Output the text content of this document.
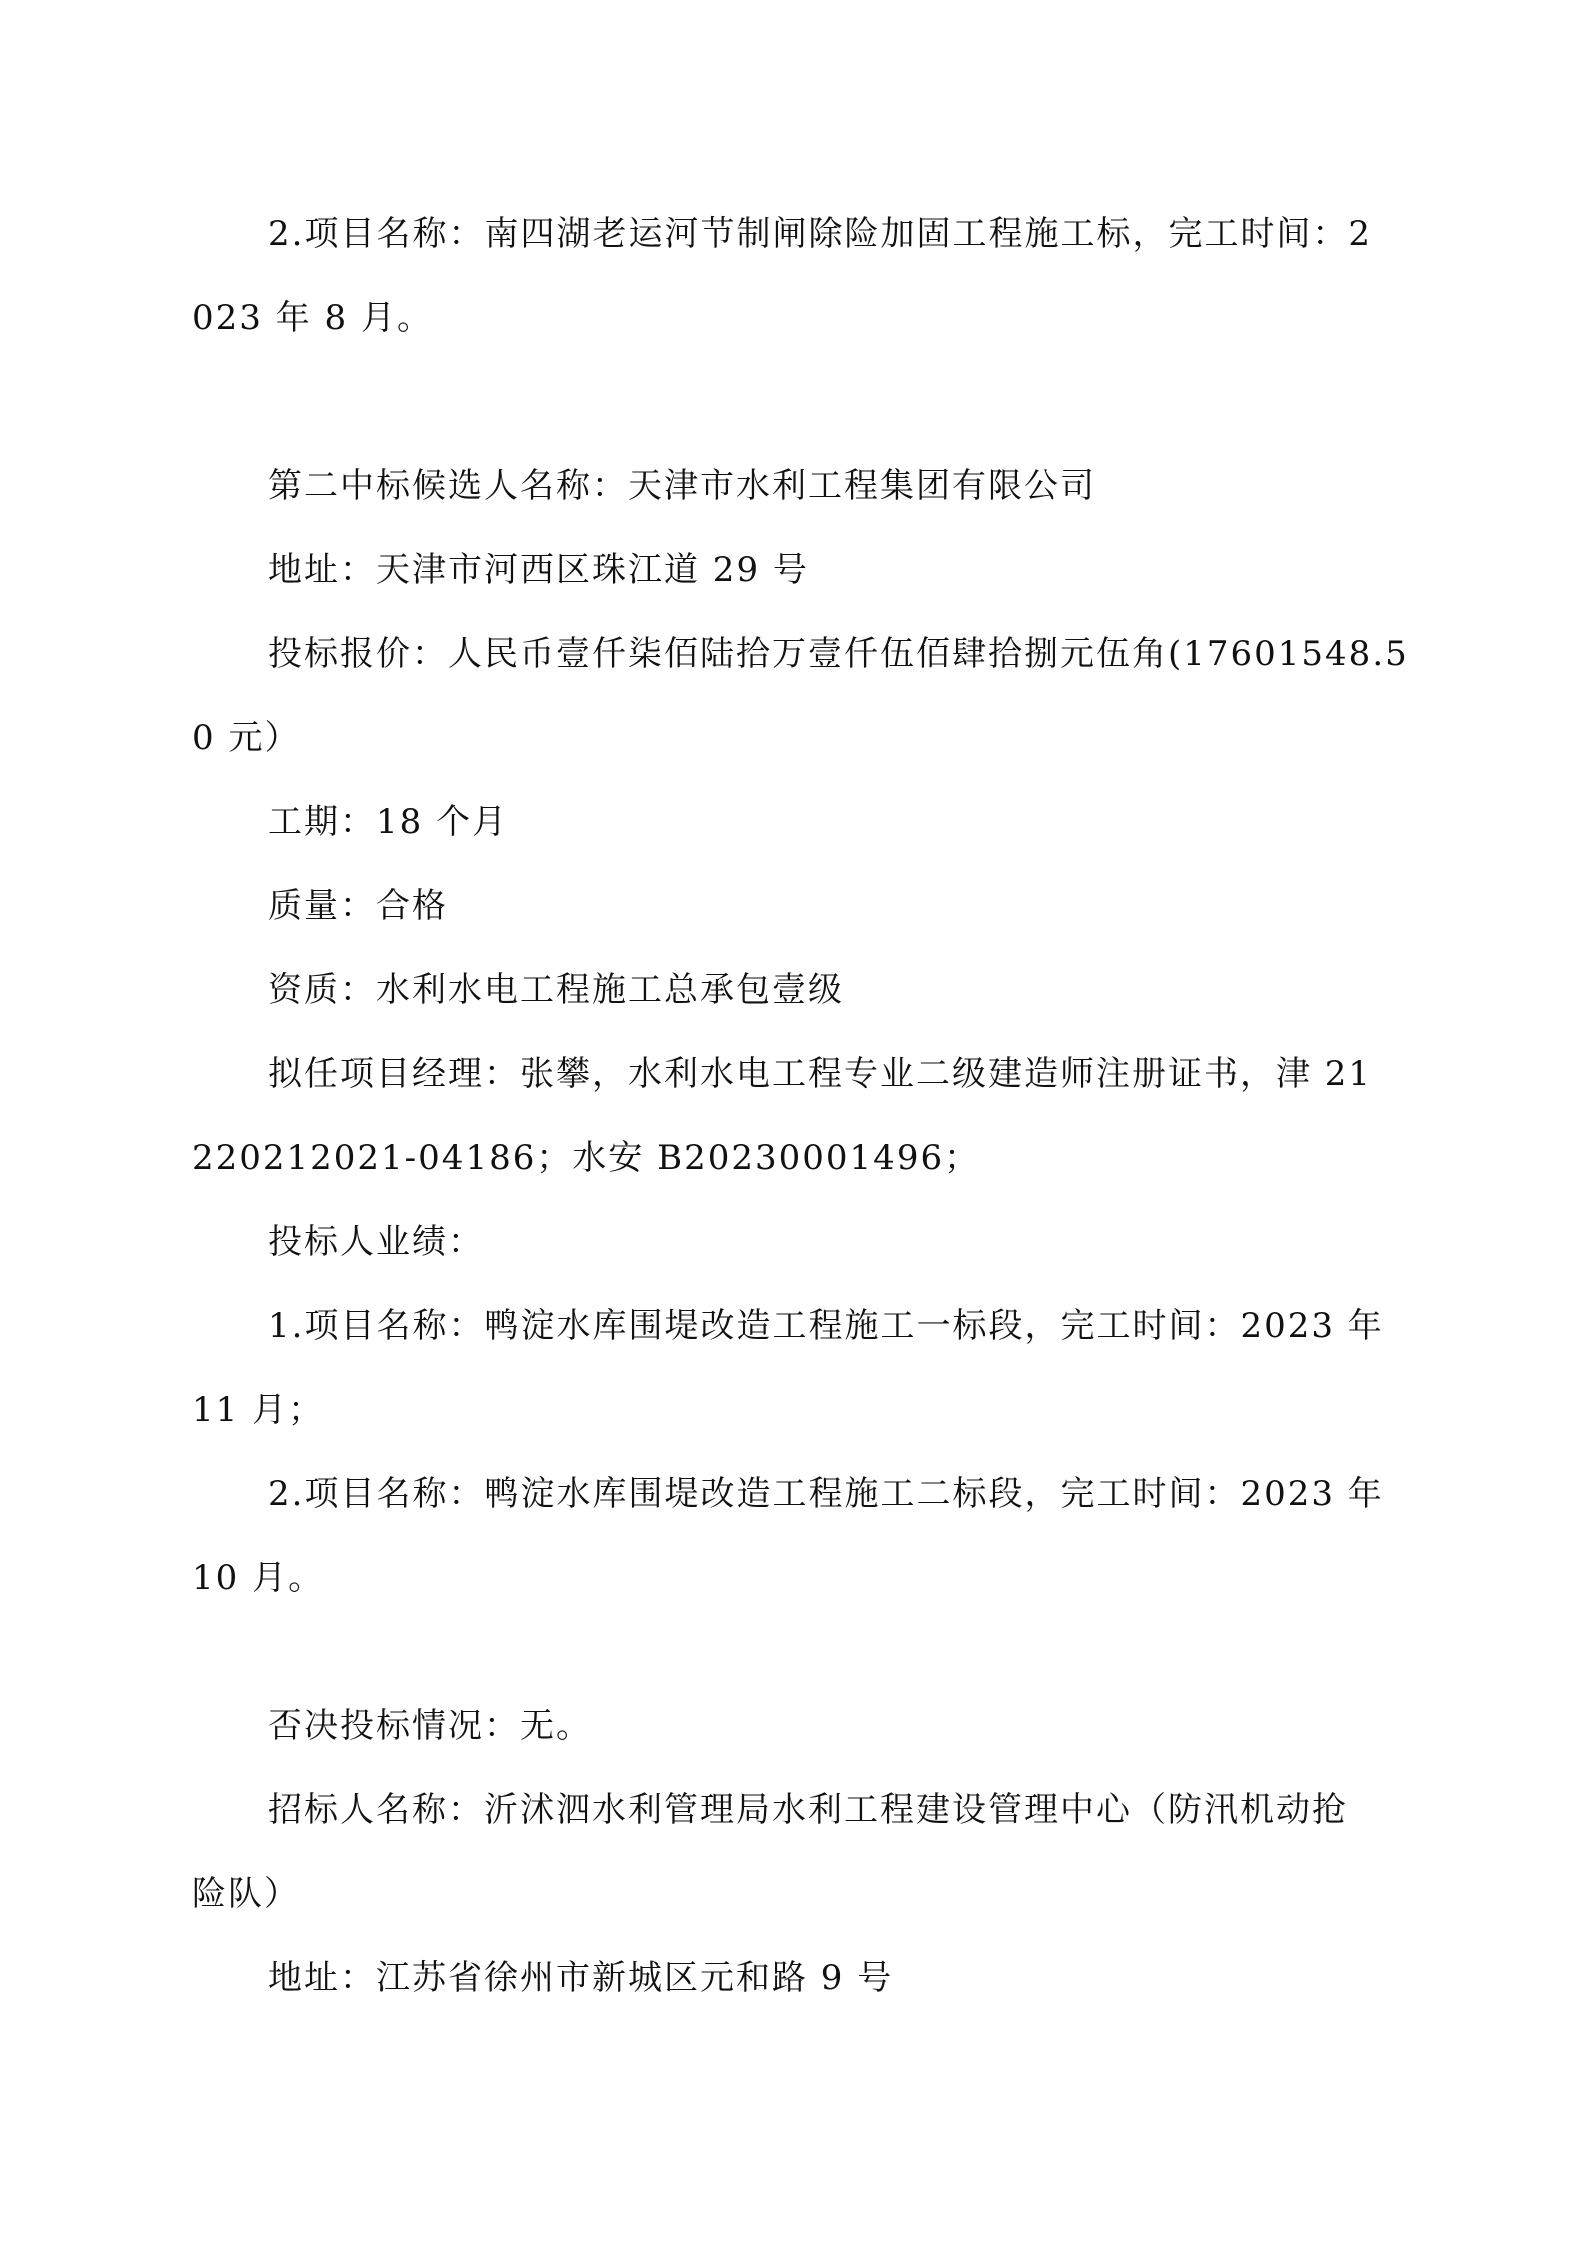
2.项目名称：南四湖老运河节制闸除险加固工程施工标，完工时间：2

023 年 8 月。

第二中标候选人名称：天津市水利工程集团有限公司

地址：天津市河西区珠江道 29 号

投标报价：人民币壹仟柒佰陆拾万壹仟伍佰肆拾捌元伍角(17601548.5

0 元）

工期：18 个月

质量：合格

资质：水利水电工程施工总承包壹级

拟任项目经理：张攀，水利水电工程专业二级建造师注册证书，津 21

220212021-04186；水安 B20230001496；

投标人业绩：

1.项目名称：鸭淀水库围堤改造工程施工一标段，完工时间：2023 年

11 月；

2.项目名称：鸭淀水库围堤改造工程施工二标段，完工时间：2023 年

10 月。

否决投标情况：无。

招标人名称：沂沭泗水利管理局水利工程建设管理中心（防汛机动抢

险队）

地址：江苏省徐州市新城区元和路 9 号
